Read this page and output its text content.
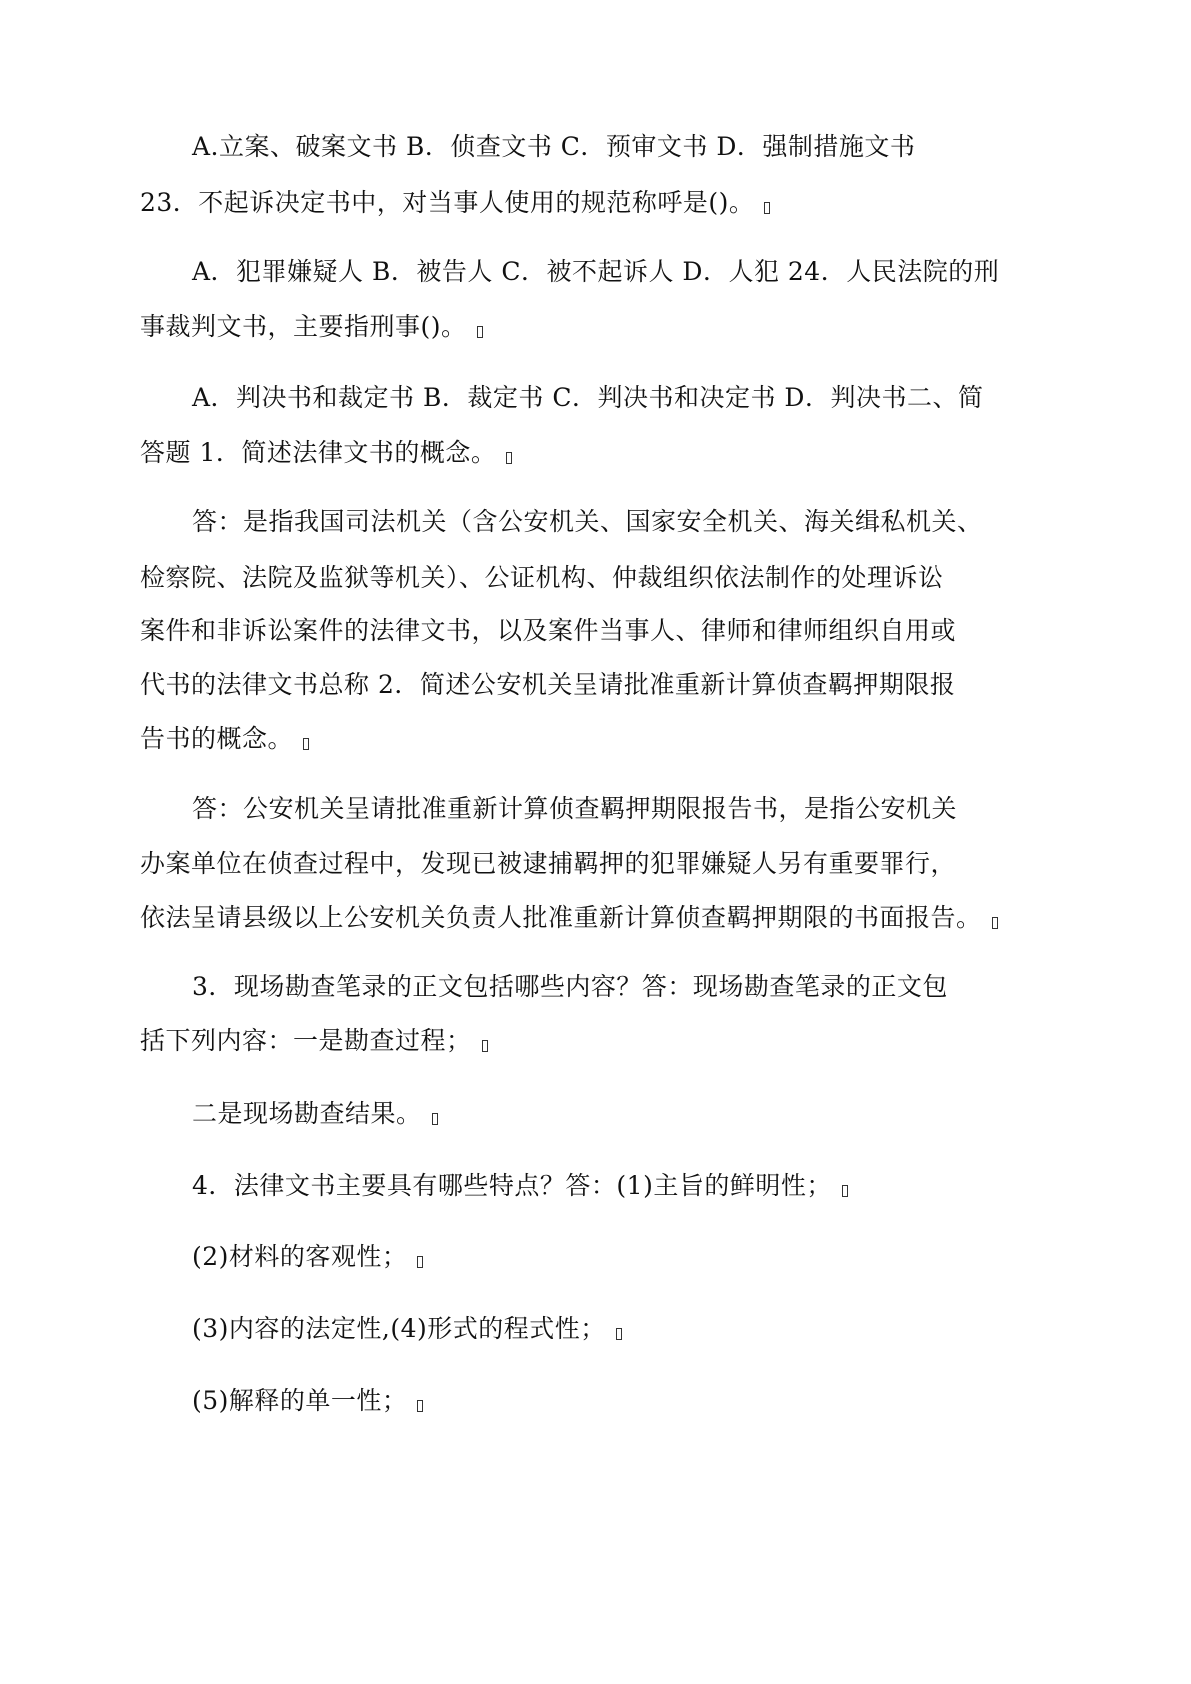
A.立案、破案文书 B．侦查文书 C．预审文书 D．强制措施文书
23．不起诉决定书中，对当事人使用的规范称呼是()。
A．犯罪嫌疑人 B．被告人 C．被不起诉人 D．人犯 24．人民法院的刑
事裁判文书，主要指刑事()。
A．判决书和裁定书 B．裁定书 C．判决书和决定书 D．判决书二、简
答题 1．简述法律文书的概念。
答：是指我国司法机关（含公安机关、国家安全机关、海关缉私机关、
检察院、法院及监狱等机关）、公证机构、仲裁组织依法制作的处理诉讼
案件和非诉讼案件的法律文书，以及案件当事人、律师和律师组织自用或
代书的法律文书总称 2．简述公安机关呈请批准重新计算侦查羁押期限报
告书的概念。
答：公安机关呈请批准重新计算侦查羁押期限报告书，是指公安机关
办案单位在侦查过程中，发现已被逮捕羁押的犯罪嫌疑人另有重要罪行，
依法呈请县级以上公安机关负责人批准重新计算侦查羁押期限的书面报告。
3．现场勘查笔录的正文包括哪些内容？答：现场勘查笔录的正文包
括下列内容：一是勘查过程；
二是现场勘查结果。
4．法律文书主要具有哪些特点？答：(1)主旨的鲜明性；
(2)材料的客观性；
(3)内容的法定性,(4)形式的程式性；
(5)解释的单一性；
